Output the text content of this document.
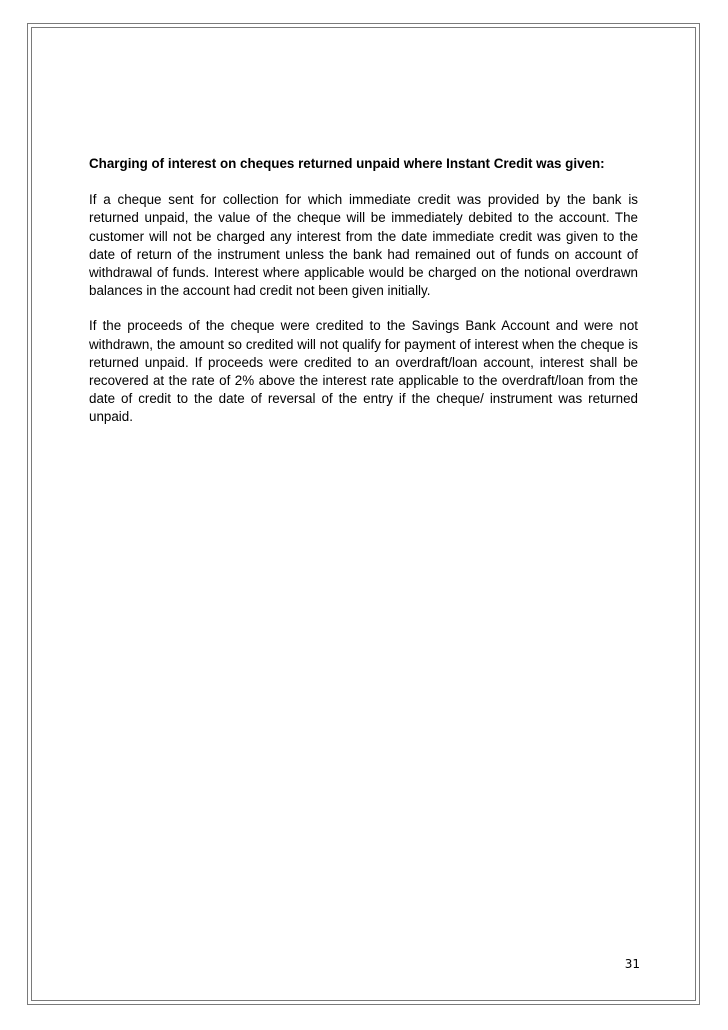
Charging of interest on cheques returned unpaid where Instant Credit was given:

If a cheque sent for collection for which immediate credit was provided by the bank is returned unpaid, the value of the cheque will be immediately debited to the account. The customer will not be charged any interest from the date immediate credit was given to the date of return of the instrument unless the bank had remained out of funds on account of withdrawal of funds. Interest where applicable would be charged on the notional overdrawn balances in the account had credit not been given initially.

If the proceeds of the cheque were credited to the Savings Bank Account and were not withdrawn, the amount so credited will not qualify for payment of interest when the cheque is returned unpaid. If proceeds were credited to an overdraft/loan account, interest shall be recovered at the rate of 2% above the interest rate applicable to the overdraft/loan from the date of credit to the date of reversal of the entry if the cheque/ instrument was returned unpaid.

31
